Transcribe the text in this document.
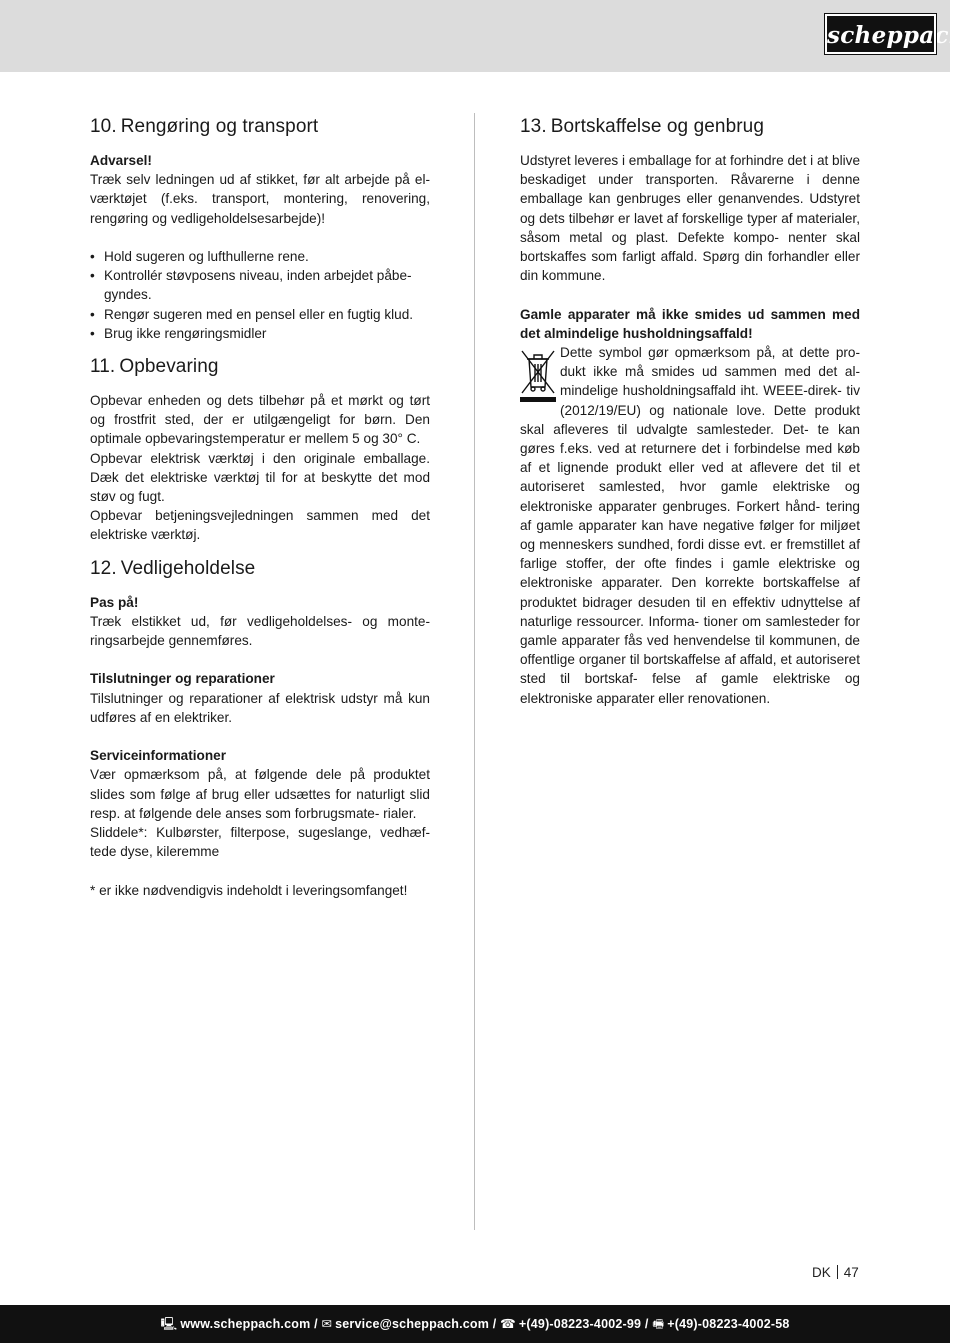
scheppach
10. Rengøring og transport

Advarsel!

Træk selv ledningen ud af stikket, før alt arbejde på el-værktøjet (f.eks. transport, montering, renovering, rengøring og vedligeholdelsesarbejde)!

• Hold sugeren og lufthullerne rene.
• Kontrollér støvposens niveau, inden arbejdet påbe- gyndes.
• Rengør sugeren med en pensel eller en fugtig klud.
• Brug ikke rengøringsmidler
11. Opbevaring

Opbevar enheden og dets tilbehør på et mørkt og tørt og frostfrit sted, der er utilgængeligt for børn. Den optimale opbevaringstemperatur er mellem 5 og 30° C.

Opbevar elektrisk værktøj i den originale emballage. Dæk det elektriske værktøj til for at beskytte det mod støv og fugt.

Opbevar betjeningsvejledningen sammen med det elektriske værktøj.

12. Vedligeholdelse

Pas på!

Træk elstikket ud, før vedligeholdelses- og monte- ringsarbejde gennemføres.

Tilslutninger og reparationer

Tilslutninger og reparationer af elektrisk udstyr må kun udføres af en elektriker.

Serviceinformationer

Vær opmærksom på, at følgende dele på produktet slides som følge af brug eller udsættes for naturligt slid resp. at følgende dele anses som forbrugsmate- rialer.

Sliddele*: Kulbørster, filterpose, sugeslange, vedhæf- tede dyse, kileremme

* er ikke nødvendigvis indeholdt i leveringsomfanget!

13. Bortskaffelse og genbrug

Udstyret leveres i emballage for at forhindre det i at blive beskadiget under transporten. Råvarerne i denne emballage kan genbruges eller genanvendes. Udstyret og dets tilbehør er lavet af forskellige typer af materialer, såsom metal og plast. Defekte kompo- nenter skal bortskaffes som farligt affald. Spørg din forhandler eller din kommune.

Gamle apparater må ikke smides ud sammen med det almindelige husholdningsaffald!

Dette symbol gør opmærksom på, at dette pro- dukt ikke må smides ud sammen med det al- mindelige husholdningsaffald iht. WEEE-direk- tiv (2012/19/EU) og nationale love. Dette produkt skal afleveres til udvalgte samlesteder. Det- te kan gøres f.eks. ved at returnere det i forbindelse med køb af et lignende produkt eller ved at aflevere det til et autoriseret samlested, hvor gamle elektriske og elektroniske apparater genbruges. Forkert hånd- tering af gamle apparater kan have negative følger for miljøet og menneskers sundhed, fordi disse evt. er fremstillet af farlige stoffer, der ofte findes i gamle elektriske og elektroniske apparater. Den korrekte bortskaffelse af produktet bidrager desuden til en effektiv udnyttelse af naturlige ressourcer. Informa- tioner om samlesteder for gamle apparater fås ved henvendelse til kommunen, de offentlige organer til bortskaffelse af affald, et autoriseret sted til bortskaf- felse af gamle elektriske og elektroniske apparater eller renovationen.

DK 47
🖳 www.scheppach.com / ✉ service@scheppach.com / ☎ +(49)-08223-4002-99 / 🖷 +(49)-08223-4002-58
